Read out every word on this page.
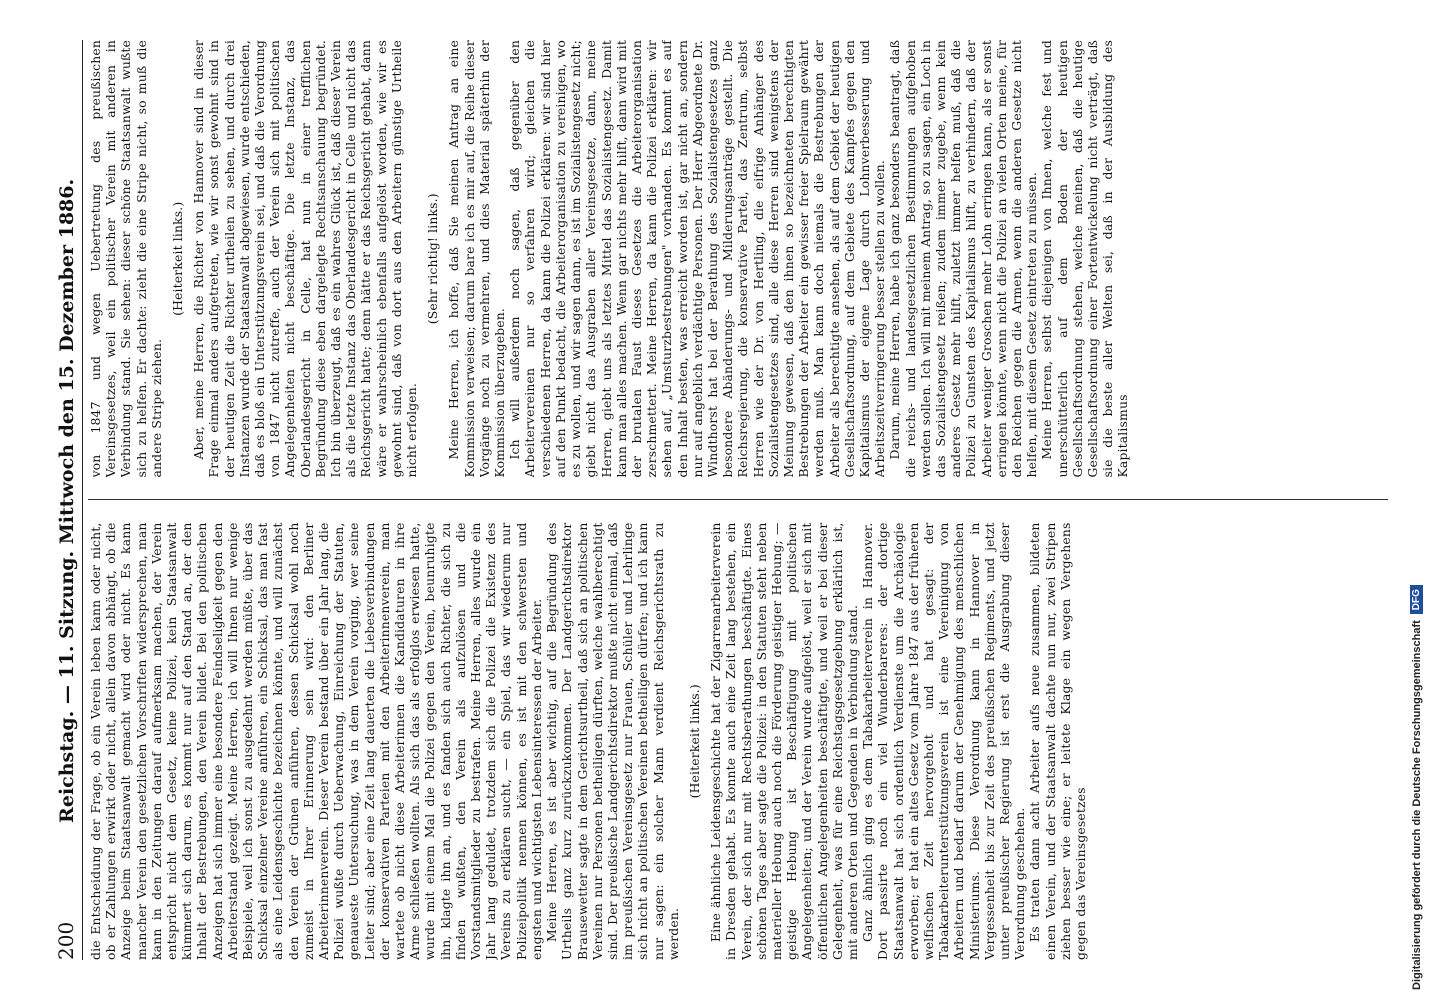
200
Reichstag. — 11. Sitzung. Mittwoch den 15. Dezember 1886. die Entscheidung der Frage, ob ein Verein leben kann oder nicht, ob er Zahlungen erwirkt oder nicht, allein davon abhängt, ob die Anzeige beim Staatsanwalt gemacht wird oder nicht. Es kann mancher Verein den gesetzlichen Vorschriften widersprechen, man kann in den Zeitungen darauf aufmerksam machen, der Verein entspricht nicht dem Gesetz, keine Polizei, kein Staatsanwalt kümmert sich darum, es kommt nur auf den Stand an, der den Inhalt der Bestrebungen, den Verein bildet. Bei den politischen Anzeigen hat sich immer eine besondere Feindseligkeit gegen den Arbeiterstand gezeigt. Meine Herren, ich will Ihnen nur wenige Beispiele, weil ich sonst zu ausgedehnt werden müßte, über das Schicksal einzelner Vereine anführen, ein Schicksal, das man fast als eine Leidensgeschichte bezeichnen könnte, und will zunächst den Verein der Grünen anführen, dessen Schicksal wohl noch zumeist in Ihrer Erinnerung sein wird: den Berliner Arbeiterinnenverein. Dieser Verein bestand über ein Jahr lang, die Polizei wußte durch Ueberwachung, Einreichung der Statuten, genaueste Untersuchung, was in dem Verein vorging, wer seine Leiter sind; aber eine Zeit lang dauerten die Liebesverbindungen der konservativen Parteien mit den Arbeiterinnenverein, man wartete ob nicht diese Arbeiterinnen die Kandidaturen in ihre Arme schließen wollten. Als sich das als erfolglos erwiesen hatte, wurde mit einem Mal die Polizei gegen den Verein, beunruhigte ihn, klagte ihn an, und es fanden sich auch Richter, die sich zu finden wußten, den Verein als aufzulösen und die Vorstandsmitglieder zu bestrafen. Meine Herren, alles wurde ein Jahr lang geduldet, trotzdem sich die Polizei die Existenz des Vereins zu erklären sucht, — ein Spiel, das wir wiederum nur Polizeipolitik nennen können, es ist mit den schwersten und engsten und wichtigsten Lebensinteressen der Arbeiter. Meine Herren, es ist aber wichtig, auf die Begründung des Urtheils ganz kurz zurückzukommen. Der Landgerichtsdirektor Brausewetter sagte in dem Gerichtsurtheil, daß sich an politischen Vereinen nur Personen betheiligen dürften, welche wahlberechtigt sind. Der preußische Landgerichtsdirektor mußte nicht einmal, daß im preußischen Vereinsgesetz nur Frauen, Schüler und Lehrlinge sich nicht an politischen Vereinen betheiligen dürfen; und ich kann nur sagen: ein solcher Mann verdient Reichsgerichtsrath zu werden.

(Heiterkeit links.) Eine ähnliche Leidensgeschichte hat der Zigarrenarbeiterverein in Dresden gehabt. Es konnte auch eine Zeit lang bestehen, ein Verein, der sich nur mit Rechtsberathungen beschäftigte. Eines schönen Tages aber sagte die Polizei: in den Statuten steht neben materieller Hebung auch noch die Förderung geistiger Hebung; — geistige Hebung ist Beschäftigung mit politischen Angelegenheiten; und der Verein wurde aufgelöst, weil er sich mit öffentlichen Angelegenheiten beschäftigte, und weil er bei dieser Gelegenheit, was für eine Reichstagsgesetzgebung erklärlich ist, mit anderen Orten und Gegenden in Verbindung stand. Ganz ähnlich ging es dem Tabakarbeiterverein in Hannover. Dort passirte noch ein viel Wunderbareres: der dortige Staatsanwalt hat sich ordentlich Verdienste um die Archäologie erworben; er hat ein altes Gesetz vom Jahre 1847 aus der früheren welfischen Zeit hervorgeholt und hat gesagt: der Tabakarbeiterunterstützungsverein ist eine Vereinigung von Arbeitern und bedarf darum der Genehmigung des menschlichen Ministeriums. Diese Verordnung kann in Hannover in Vergessenheit bis zur Zeit des preußischen Regiments, und jetzt unter preußischer Regierung ist erst die Ausgrabung dieser Verordnung geschehen. Es traten dann acht Arbeiter aufs neue zusammen, bildeten einen Verein, und der Staatsanwalt dachte nun nur, zwei Stripen ziehen besser wie eine; er leitete Klage ein wegen Vergehens gegen das Vereinsgesetzes

von 1847 und wegen Uebertretung des preußischen Vereinsgesetzes, weil ein politischer Verein mit anderen in Verbindung stand. Sie sehen: dieser schöne Staatsanwalt wußte sich zu helfen. Er dachte: zieht die eine Stripe nicht, so muß die andere Stripe ziehen.

(Heiterkeit links.) Aber, meine Herren, die Richter von Hannover sind in dieser Frage einmal anders aufgetreten, wie wir sonst gewohnt sind in der heutigen Zeit die Richter urtheilen zu sehen, und durch drei Instanzen wurde der Staatsanwalt abgewiesen, wurde entschieden, daß es bloß ein Unterstützungsverein sei, und daß die Verordnung von 1847 nicht zutreffe, auch der Verein sich mit politischen Angelegenheiten nicht beschäftige. Die letzte Instanz, das Oberlandesgericht in Celle, hat nun in einer trefflichen Begründung diese eben dargelegte Rechtsanschauung begründet. Ich bin überzeugt, daß es ein wahres Glück ist, daß dieser Verein als die letzte Instanz das Oberlandesgericht in Celle und nicht das Reichsgericht hatte; denn hätte er das Reichsgericht gehabt, dann wäre er wahrscheinlich ebenfalls aufgelöst worden, wie wir es gewohnt sind, daß von dort aus den Arbeitern günstige Urtheile nicht erfolgen.

(Sehr richtig! links.) Meine Herren, ich hoffe, daß Sie meinen Antrag an eine Kommission verweisen; darum bare ich es mir auf, die Reihe dieser Vorgänge noch zu vermehren, und dies Material späterhin der Kommission überzugeben. Ich will außerdem noch sagen, daß gegenüber den Arbeitervereinen nur so verfahren wird; gleichen die verschiedenen Herren, da kann die Polizei erklären: wir sind hier auf den Punkt bedacht, die Arbeiterorganisation zu vereinigen, wo es zu wollen, und wir sagen dann, es ist im Sozialistengesetz nicht; giebt nicht das Ausgraben aller Vereinsgesetze, dann, meine Herren, giebt uns als letztes Mittel das Sozialistengesetz. Damit kann man alles machen. Wenn gar nichts mehr hilft, dann wird mit der brutalen Faust dieses Gesetzes die Arbeiterorganisation zerschmettert. Meine Herren, da kann die Polizei erklären: wir sehen auf, „Umsturzbestrebungen" vorhanden. Es kommt es auf den Inhalt besten, was erreicht worden ist, gar nicht an, sondern nur auf angeblich verdächtige Personen. Der Herr Abgeordnete Dr. Windthorst hat bei der Berathung des Sozialistengesetzes ganz besondere Abänderungs- und Milderungsanträge gestellt. Die Reichsregierung, die konservative Partei, das Zentrum, selbst Herren wie der Dr. von Hertling, die eifrige Anhänger des Sozialistengesetzes sind, alle diese Herren sind wenigstens der Meinung gewesen, daß den ihnen so bezeichneten berechtigten Bestrebungen der Arbeiter ein gewisser freier Spielraum gewährt werden muß. Man kann doch niemals die Bestrebungen der Arbeiter als berechtigte ansehen, als auf dem Gebiet der heutigen Gesellschaftsordnung, auf dem Gebiete des Kampfes gegen den Kapitalismus der eigene Lage durch Lohnverbesserung und Arbeitszeitverringerung besser stellen zu wollen. Darum, meine Herren, habe ich ganz besonders beantragt, daß die reichs- und landesgesetzlichen Bestimmungen aufgehoben werden sollen. Ich will mit meinem Antrag, so zu sagen, ein Loch in das Sozialistengesetz reißen; zudem immer zugebe, wenn kein anderes Gesetz mehr hilft, zuletzt immer helfen muß, daß die Polizei zu Gunsten des Kapitalismus hilft, zu verhindern, daß der Arbeiter weniger Groschen mehr Lohn erringen kann, als er sonst erringen könnte, wenn nicht die Polizei an vielen Orten meine, für den Reichen gegen die Armen, wenn die anderen Gesetze nicht helfen, mit diesem Gesetz eintreten zu müssen. Meine Herren, selbst diejenigen von Ihnen, welche fest und unerschütterlich auf dem Boden der heutigen Gesellschaftsordnung stehen, welche meinen, daß die heutige Gesellschaftsordnung einer Fortentwickelung nicht verträgt, daß sie die beste aller Welten sei, daß in der Ausbildung des Kapitalismus

Digitalisierung gefördert durch die Deutsche Forschungsgemeinschaft
DFG
